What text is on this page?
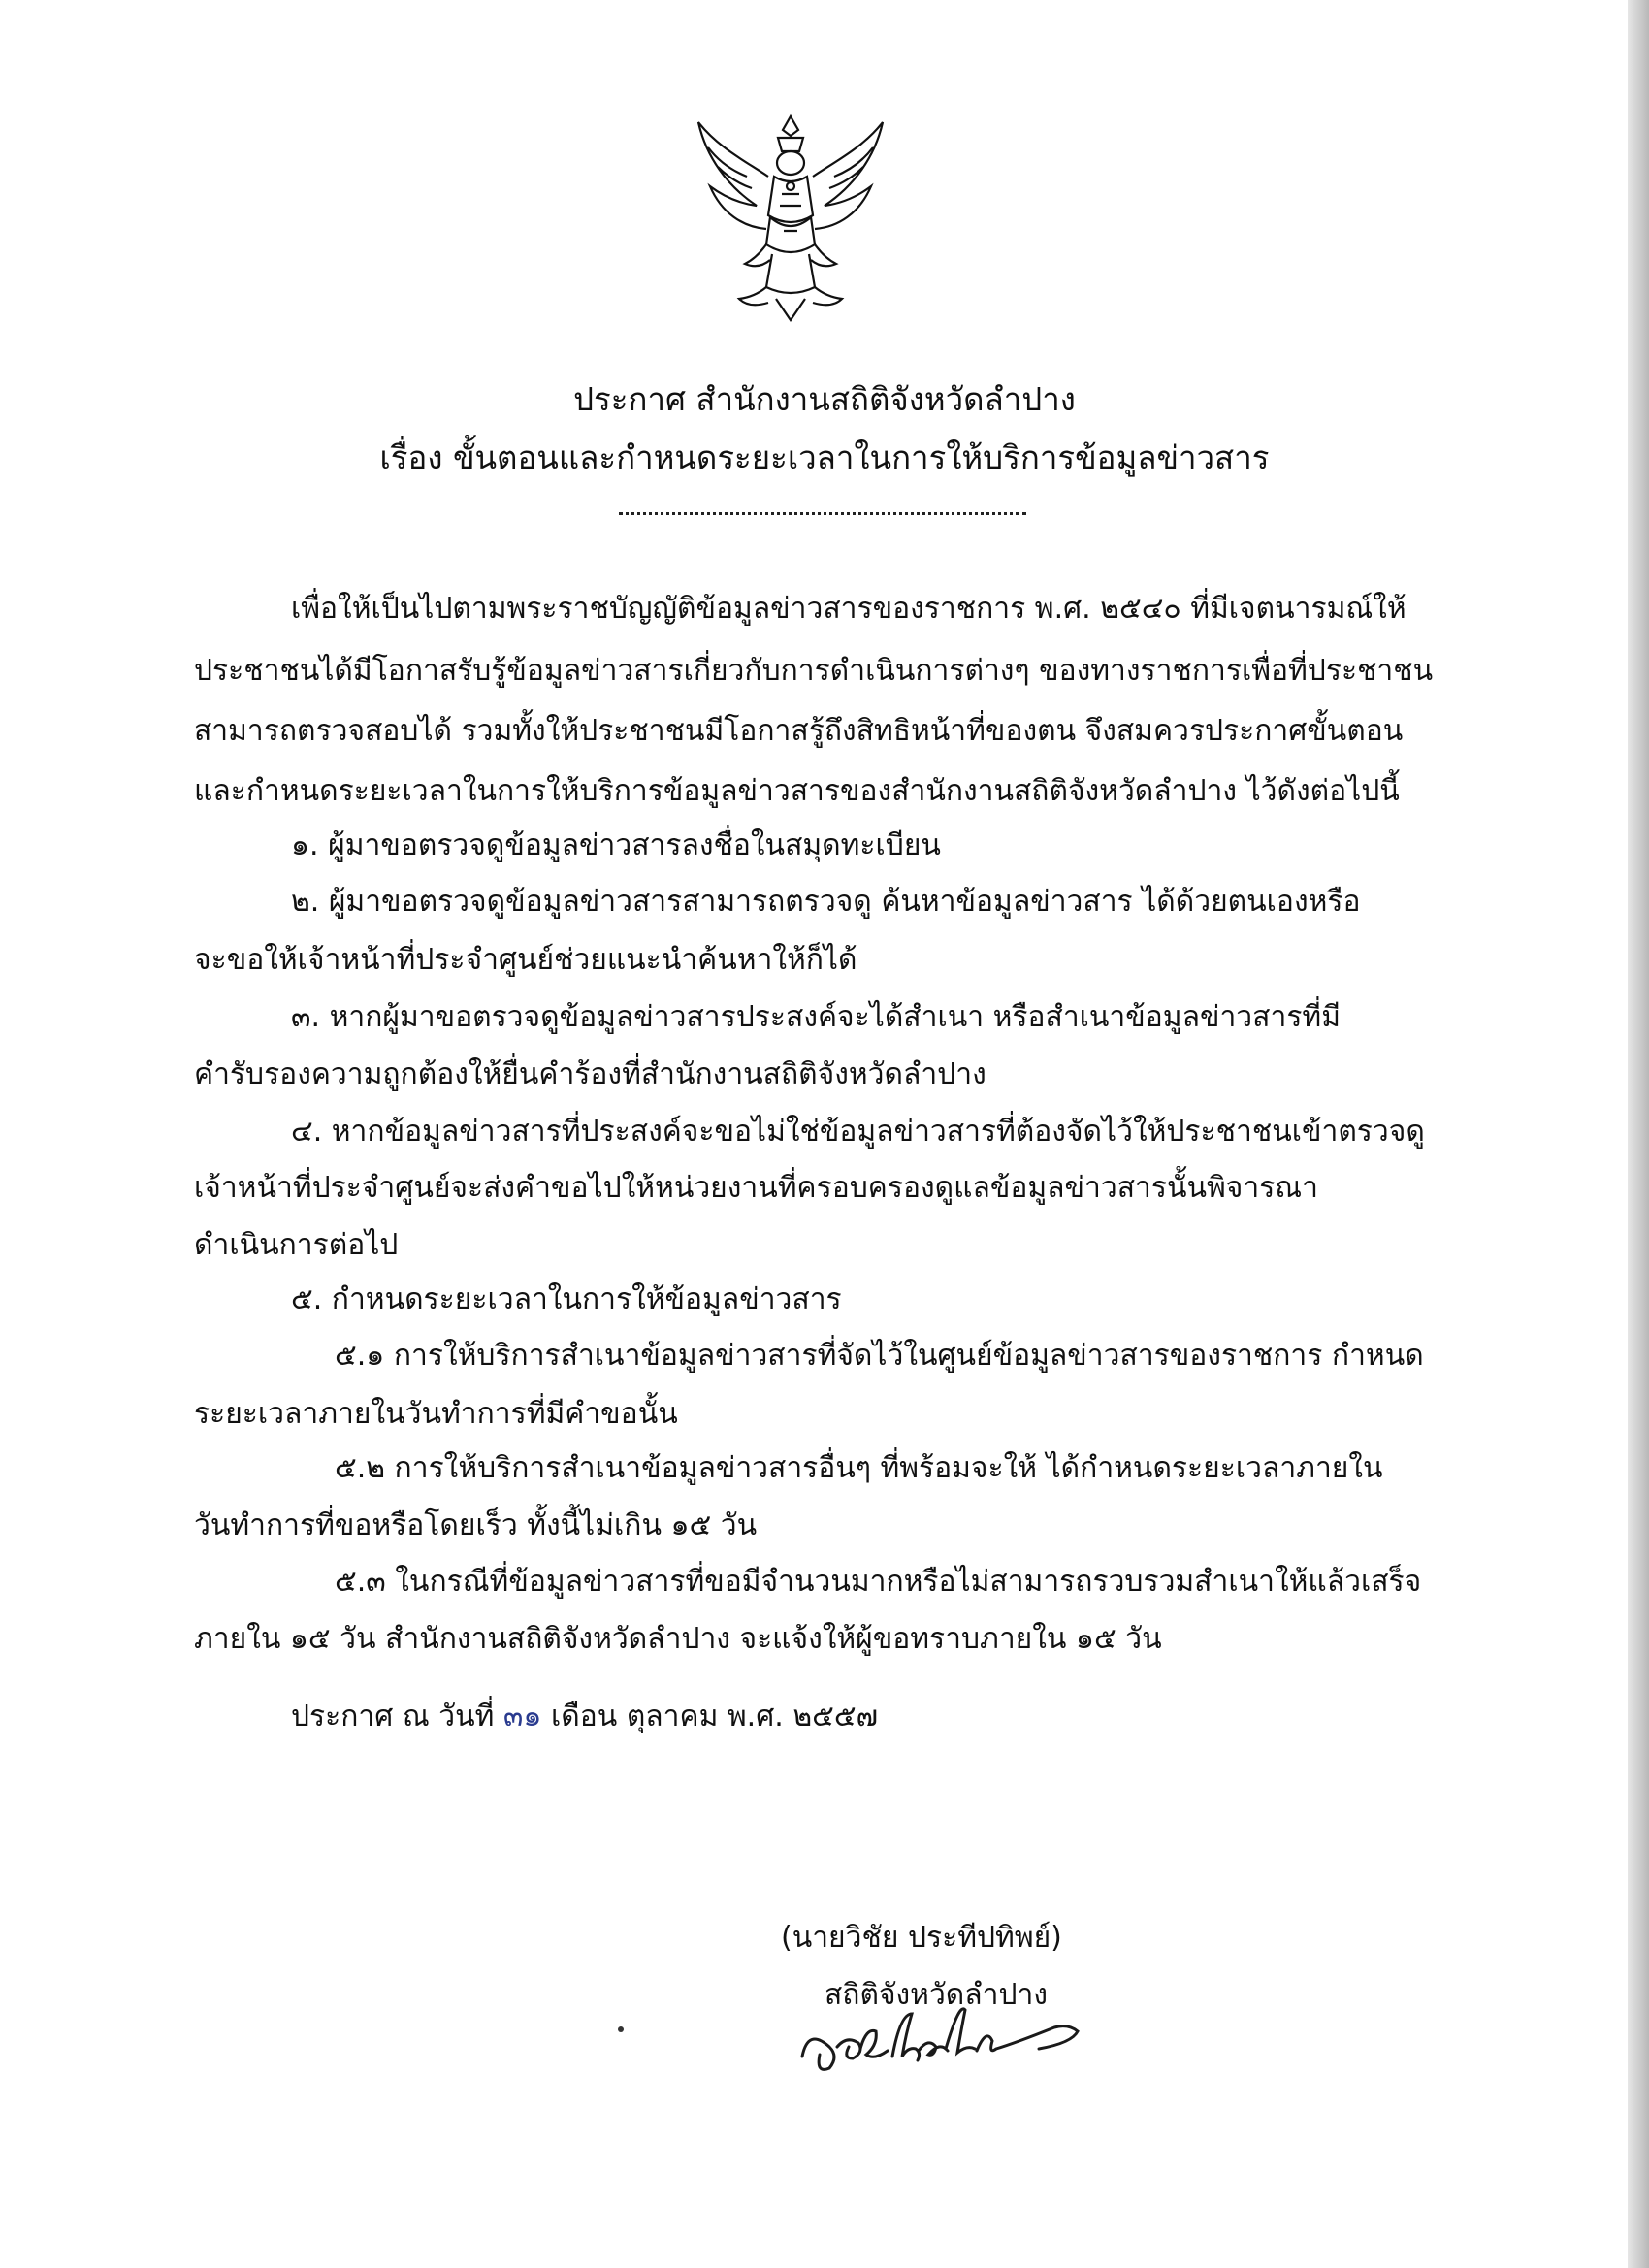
ประกาศ สำนักงานสถิติจังหวัดลำปาง
เรื่อง ขั้นตอนและกำหนดระยะเวลาในการให้บริการข้อมูลข่าวสาร
เพื่อให้เป็นไปตามพระราชบัญญัติข้อมูลข่าวสารของราชการ พ.ศ. ๒๕๔๐ ที่มีเจตนารมณ์ให้
ประชาชนได้มีโอกาสรับรู้ข้อมูลข่าวสารเกี่ยวกับการดำเนินการต่างๆ ของทางราชการเพื่อที่ประชาชน
สามารถตรวจสอบได้ รวมทั้งให้ประชาชนมีโอกาสรู้ถึงสิทธิหน้าที่ของตน จึงสมควรประกาศขั้นตอน
และกำหนดระยะเวลาในการให้บริการข้อมูลข่าวสารของสำนักงานสถิติจังหวัดลำปาง ไว้ดังต่อไปนี้
๑. ผู้มาขอตรวจดูข้อมูลข่าวสารลงชื่อในสมุดทะเบียน
๒. ผู้มาขอตรวจดูข้อมูลข่าวสารสามารถตรวจดู ค้นหาข้อมูลข่าวสาร ได้ด้วยตนเองหรือ
จะขอให้เจ้าหน้าที่ประจำศูนย์ช่วยแนะนำค้นหาให้ก็ได้
๓. หากผู้มาขอตรวจดูข้อมูลข่าวสารประสงค์จะได้สำเนา หรือสำเนาข้อมูลข่าวสารที่มี
คำรับรองความถูกต้องให้ยื่นคำร้องที่สำนักงานสถิติจังหวัดลำปาง
๔. หากข้อมูลข่าวสารที่ประสงค์จะขอไม่ใช่ข้อมูลข่าวสารที่ต้องจัดไว้ให้ประชาชนเข้าตรวจดู
เจ้าหน้าที่ประจำศูนย์จะส่งคำขอไปให้หน่วยงานที่ครอบครองดูแลข้อมูลข่าวสารนั้นพิจารณา
ดำเนินการต่อไป
๕. กำหนดระยะเวลาในการให้ข้อมูลข่าวสาร
๕.๑ การให้บริการสำเนาข้อมูลข่าวสารที่จัดไว้ในศูนย์ข้อมูลข่าวสารของราชการ กำหนด
ระยะเวลาภายในวันทำการที่มีคำขอนั้น
๕.๒ การให้บริการสำเนาข้อมูลข่าวสารอื่นๆ ที่พร้อมจะให้ ได้กำหนดระยะเวลาภายใน
วันทำการที่ขอหรือโดยเร็ว ทั้งนี้ไม่เกิน ๑๕ วัน
๕.๓ ในกรณีที่ข้อมูลข่าวสารที่ขอมีจำนวนมากหรือไม่สามารถรวบรวมสำเนาให้แล้วเสร็จ
ภายใน ๑๕ วัน สำนักงานสถิติจังหวัดลำปาง จะแจ้งให้ผู้ขอทราบภายใน ๑๕ วัน
ประกาศ ณ วันที่ ๓๑ เดือน ตุลาคม พ.ศ. ๒๕๕๗
(นายวิชัย ประทีปทิพย์)
สถิติจังหวัดลำปาง
